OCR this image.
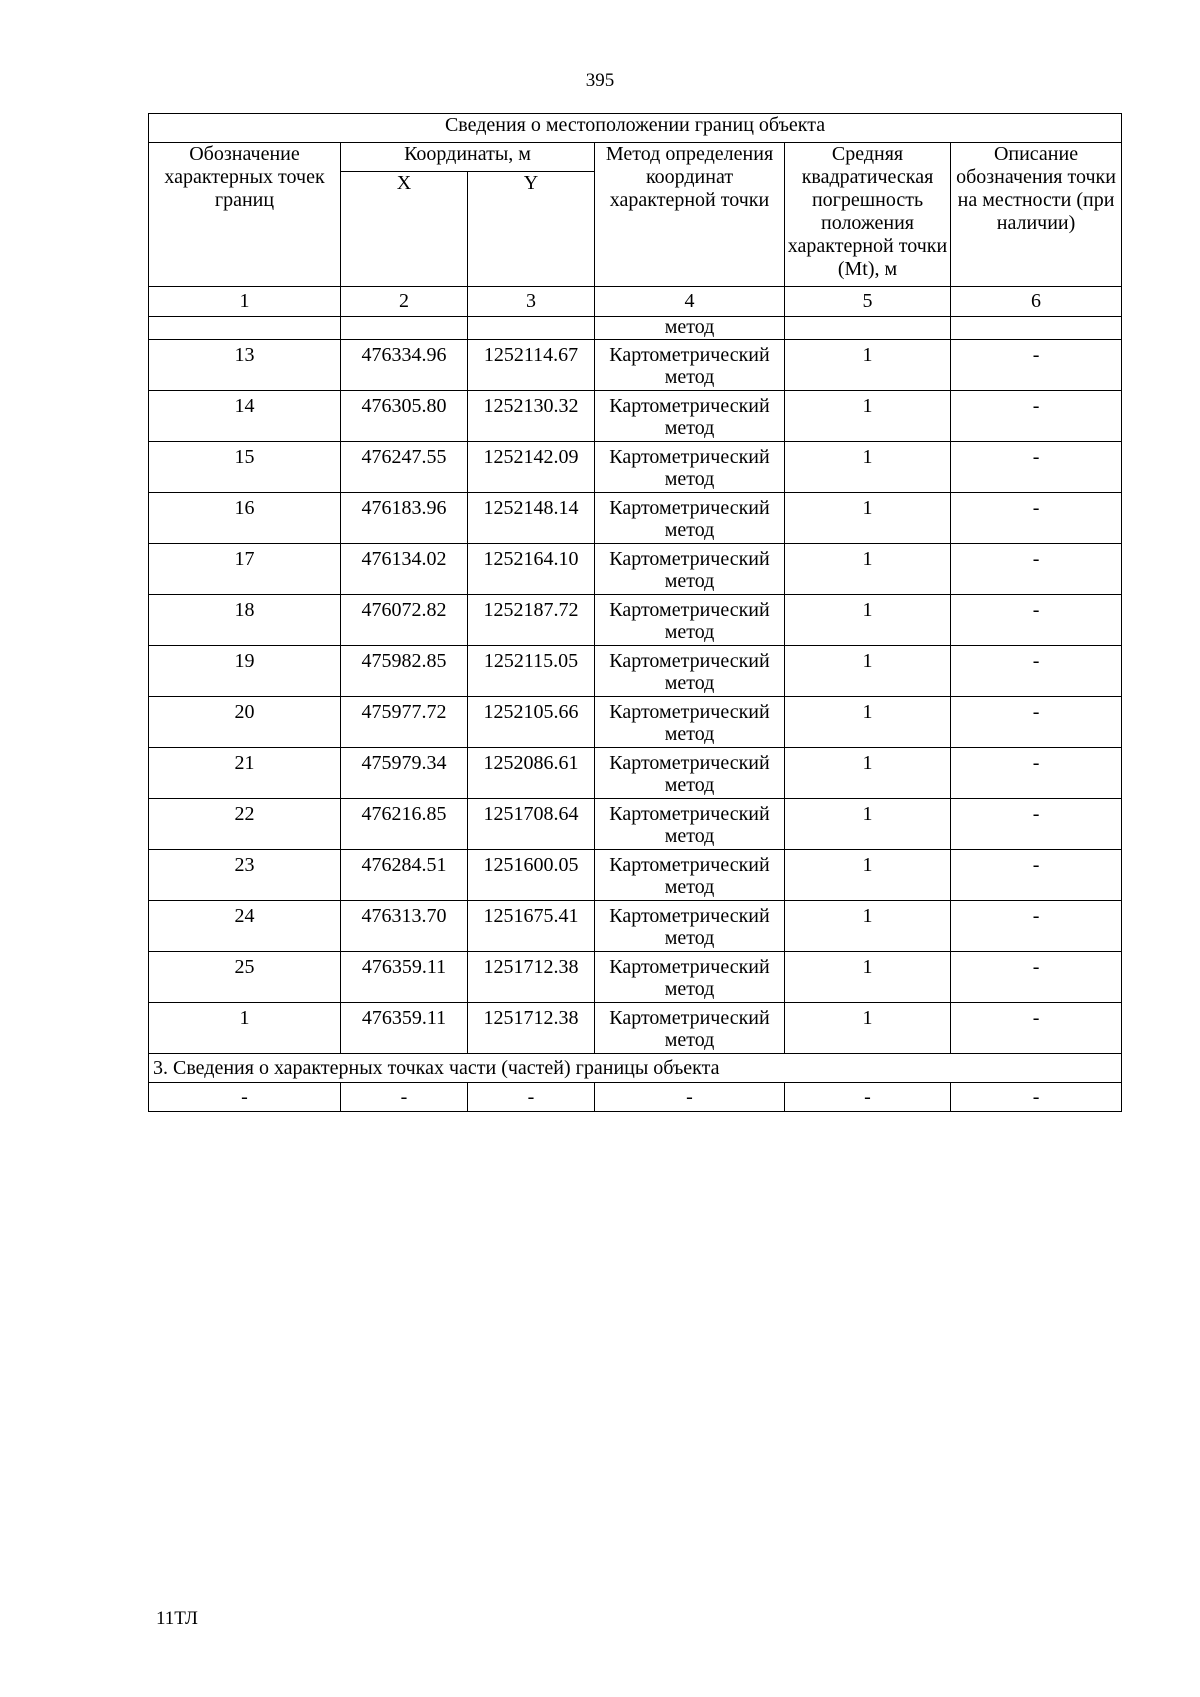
395
Сведения о местоположении границ объекта					
Обозначение характерных точек границ	Координаты, м		Метод определения координат характерной точки	Средняя квадратическая погрешность положения характерной точки (Mt), м	Описание обозначения точки на местности (при наличии)
	X	Y			
1	2	3	4	5	6
			метод		
13	476334.96	1252114.67	Картометрический метод	1	-
14	476305.80	1252130.32	Картометрический метод	1	-
15	476247.55	1252142.09	Картометрический метод	1	-
16	476183.96	1252148.14	Картометрический метод	1	-
17	476134.02	1252164.10	Картометрический метод	1	-
18	476072.82	1252187.72	Картометрический метод	1	-
19	475982.85	1252115.05	Картометрический метод	1	-
20	475977.72	1252105.66	Картометрический метод	1	-
21	475979.34	1252086.61	Картометрический метод	1	-
22	476216.85	1251708.64	Картометрический метод	1	-
23	476284.51	1251600.05	Картометрический метод	1	-
24	476313.70	1251675.41	Картометрический метод	1	-
25	476359.11	1251712.38	Картометрический метод	1	-
1	476359.11	1251712.38	Картометрический метод	1	-
3. Сведения о характерных точках части (частей) границы объекта					
-	-	-	-	-	-
11ТЛ
